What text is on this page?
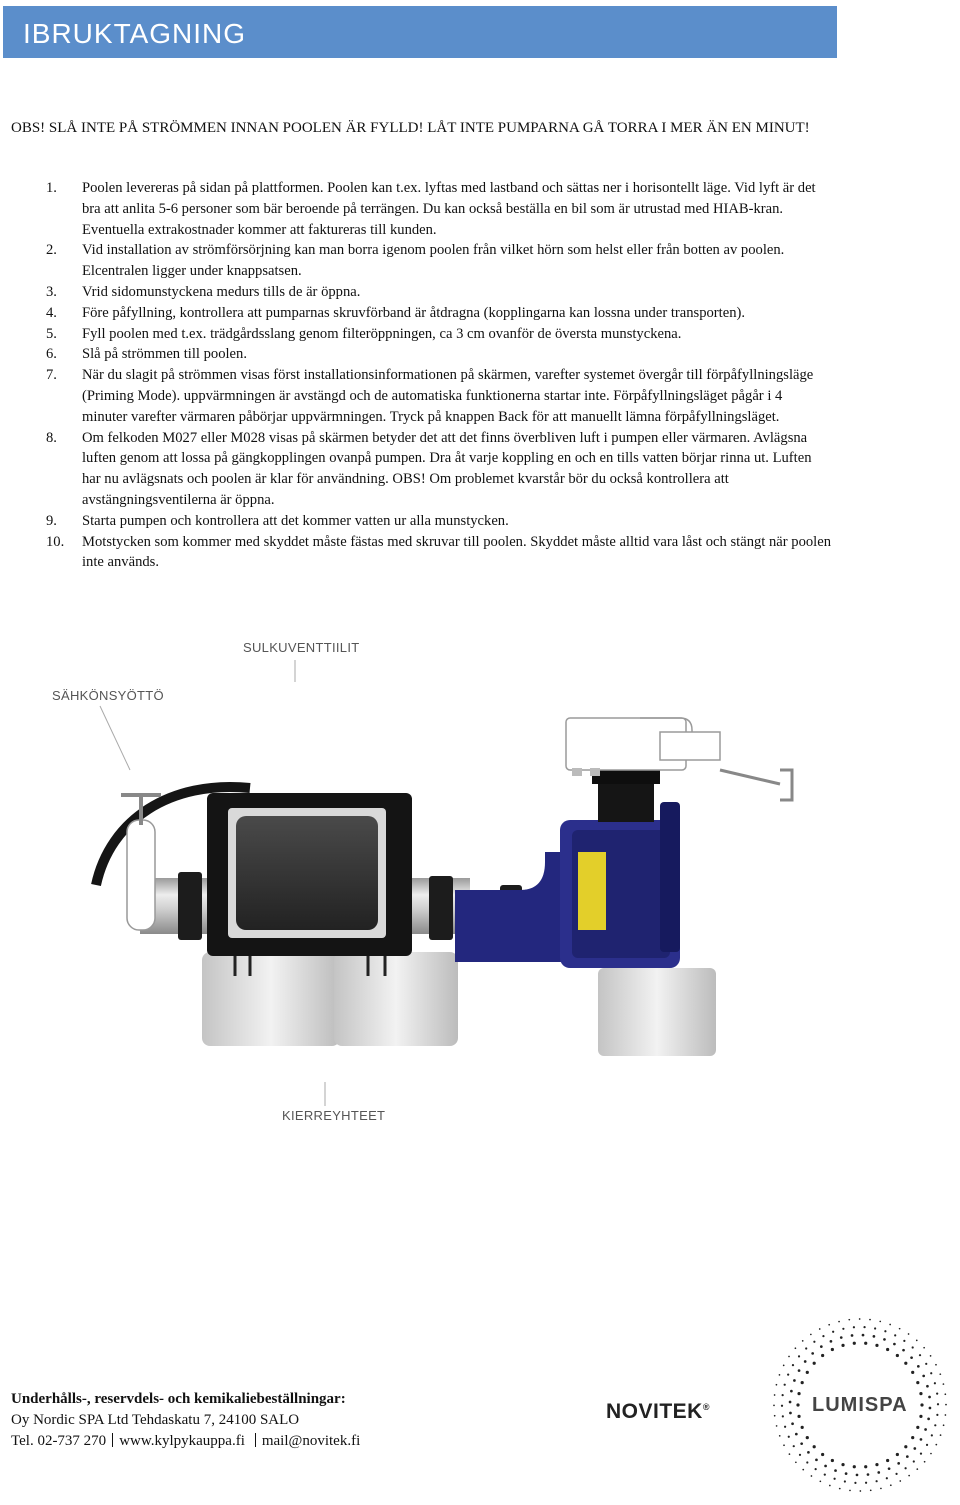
IBRUKTAGNING
OBS! SLÅ INTE PÅ STRÖMMEN INNAN POOLEN ÄR FYLLD! LÅT INTE PUMPARNA GÅ TORRA I MER ÄN EN MINUT!
1. Poolen levereras på sidan på plattformen. Poolen kan t.ex. lyftas med lastband och sättas ner i horisontellt läge. Vid lyft är det bra att anlita 5-6 personer som bär beroende på terrängen. Du kan också beställa en bil som är utrustad med HIAB-kran. Eventuella extrakostnader kommer att faktureras till kunden.
2. Vid installation av strömförsörjning kan man borra igenom poolen från vilket hörn som helst eller från botten av poolen. Elcentralen ligger under knappsatsen.
3. Vrid sidomunstyckena medurs tills de är öppna.
4. Före påfyllning, kontrollera att pumparnas skruvförband är åtdragna (kopplingarna kan lossna under transporten).
5. Fyll poolen med t.ex. trädgårdsslang genom filteröppningen, ca 3 cm ovanför de översta munstyckena.
6. Slå på strömmen till poolen.
7. När du slagit på strömmen visas först installationsinformationen på skärmen, varefter systemet övergår till förpåfyllningsläge (Priming Mode). uppvärmningen är avstängd och de automatiska funktionerna startar inte. Förpåfyllningsläget pågår i 4 minuter varefter värmaren påbörjar uppvärmningen. Tryck på knappen Back för att manuellt lämna förpåfyllningsläget.
8. Om felkoden M027 eller M028 visas på skärmen betyder det att det finns överbliven luft i pumpen eller värmaren. Avlägsna luften genom att lossa på gängkopplingen ovanpå pumpen. Dra åt varje koppling en och en tills vatten börjar rinna ut. Luften har nu avlägsnats och poolen är klar för användning. OBS! Om problemet kvarstår bör du också kontrollera att avstängningsventilerna är öppna.
9. Starta pumpen och kontrollera att det kommer vatten ur alla munstycken.
10. Motstycken som kommer med skyddet måste fästas med skruvar till poolen. Skyddet måste alltid vara låst och stängt när poolen inte används.
SULKUVENTTIILIT
SÄHKÖNSYÖTTÖ
KIERREYHTEET
Underhålls-, reservdels- och kemikaliebeställningar:
Oy Nordic SPA Ltd Tehdaskatu 7, 24100 SALO
Tel. 02-737 270 www.kylpykauppa.fi mail@novitek.fi
NOVITEK®	LUMISPA
